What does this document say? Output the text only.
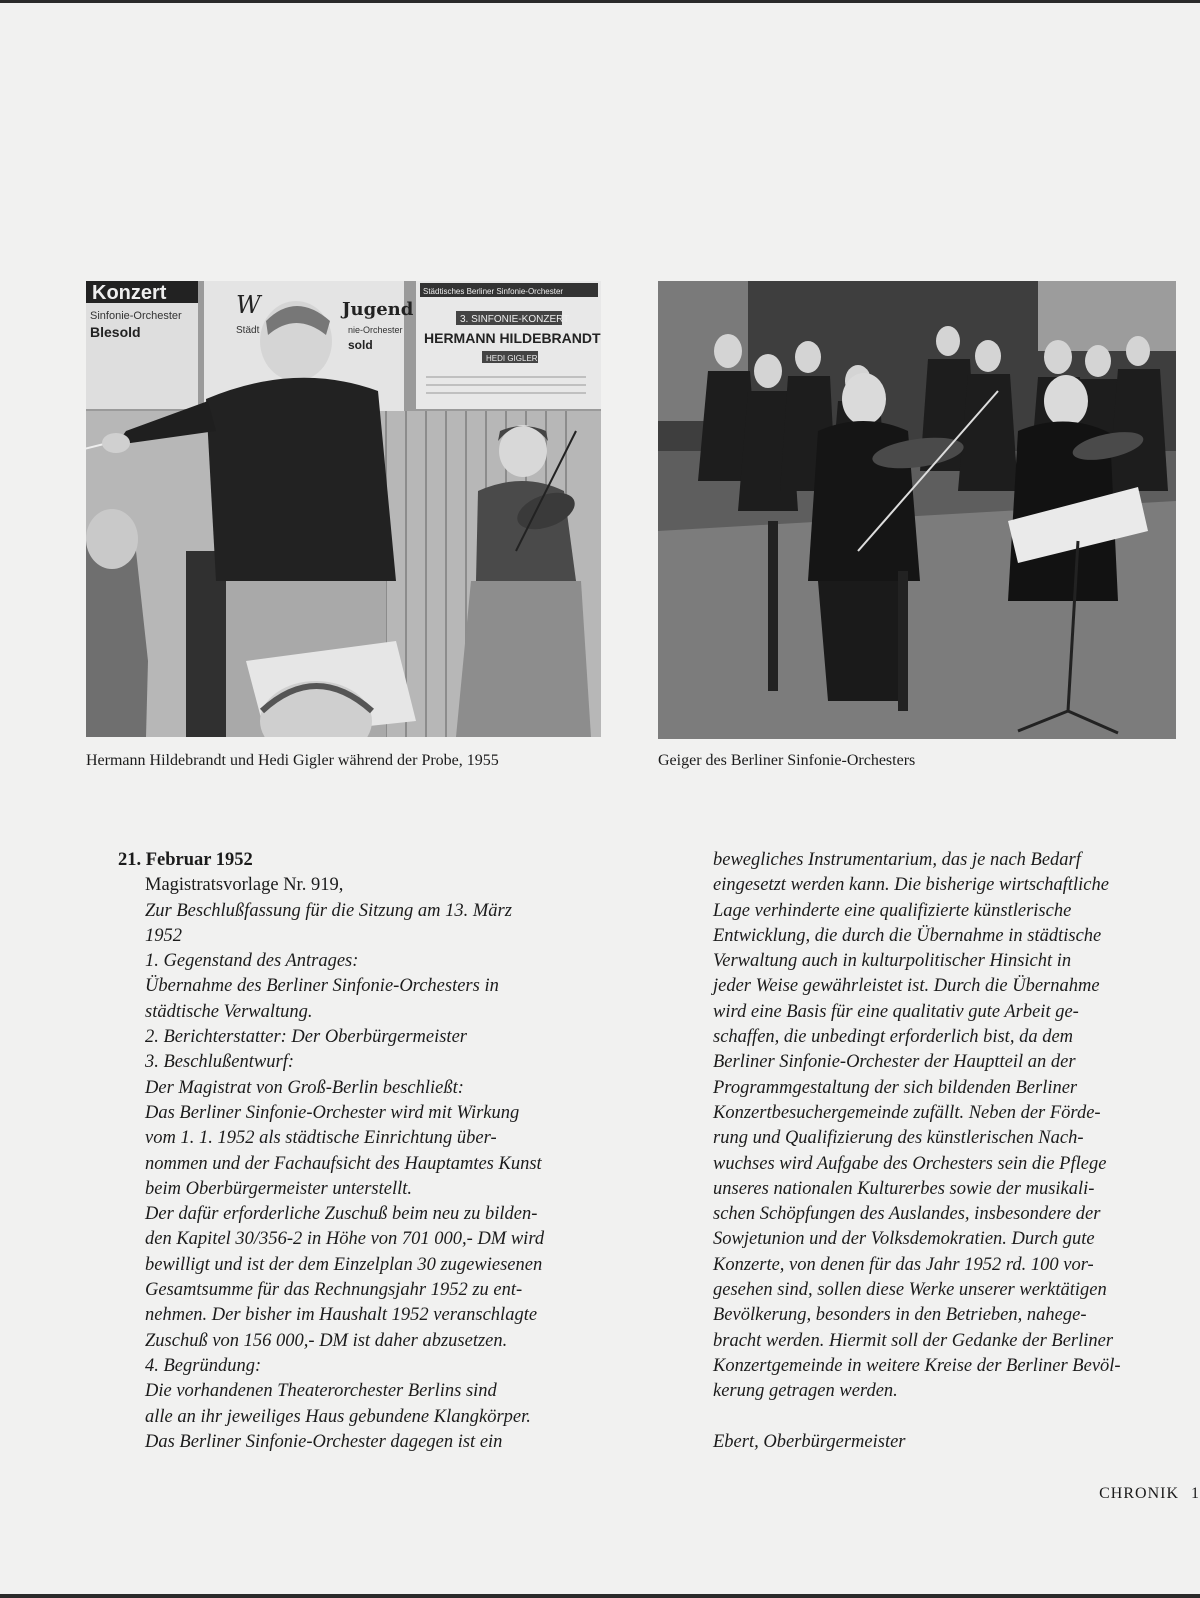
Konzert
Sinfonie-Orchester
Blesold
W	Jugend
Städt	nie-Orchester
sold
Städtisches Berliner Sinfonie-Orchester
3. SINFONIE-KONZERT
HERMANN HILDEBRANDT
HEDI GIGLER
Hermann Hildebrandt und Hedi Gigler während der Probe, 1955	Geiger des Berliner Sinfonie-Orchesters
21. Februar 1952
Magistratsvorlage Nr. 919,
Zur Beschlußfassung für die Sitzung am 13. März
1952
1. Gegenstand des Antrages:
Übernahme des Berliner Sinfonie-Orchesters in
städtische Verwaltung.
2. Berichterstatter: Der Oberbürgermeister
3. Beschlußentwurf:
Der Magistrat von Groß-Berlin beschließt:
Das Berliner Sinfonie-Orchester wird mit Wirkung
vom 1. 1. 1952 als städtische Einrichtung über-
nommen und der Fachaufsicht des Hauptamtes Kunst
beim Oberbürgermeister unterstellt.
Der dafür erforderliche Zuschuß beim neu zu bilden-
den Kapitel 30/356-2 in Höhe von 701 000,- DM wird
bewilligt und ist der dem Einzelplan 30 zugewiesenen
Gesamtsumme für das Rechnungsjahr 1952 zu ent-
nehmen. Der bisher im Haushalt 1952 veranschlagte
Zuschuß von 156 000,- DM ist daher abzusetzen.
4. Begründung:
Die vorhandenen Theaterorchester Berlins sind
alle an ihr jeweiliges Haus gebundene Klangkörper.
Das Berliner Sinfonie-Orchester dagegen ist ein
bewegliches Instrumentarium, das je nach Bedarf
eingesetzt werden kann. Die bisherige wirtschaftliche
Lage verhinderte eine qualifizierte künstlerische
Entwicklung, die durch die Übernahme in städtische
Verwaltung auch in kulturpolitischer Hinsicht in
jeder Weise gewährleistet ist. Durch die Übernahme
wird eine Basis für eine qualitativ gute Arbeit ge-
schaffen, die unbedingt erforderlich bist, da dem
Berliner Sinfonie-Orchester der Hauptteil an der
Programmgestaltung der sich bildenden Berliner
Konzertbesuchergemeinde zufällt. Neben der Förde-
rung und Qualifizierung des künstlerischen Nach-
wuchses wird Aufgabe des Orchesters sein die Pflege
unseres nationalen Kulturerbes sowie der musikali-
schen Schöpfungen des Auslandes, insbesondere der
Sowjetunion und der Volksdemokratien. Durch gute
Konzerte, von denen für das Jahr 1952 rd. 100 vor-
gesehen sind, sollen diese Werke unserer werktätigen
Bevölkerung, besonders in den Betrieben, nahege-
bracht werden. Hiermit soll der Gedanke der Berliner
Konzertgemeinde in weitere Kreise der Berliner Bevöl-
kerung getragen werden.
Ebert, Oberbürgermeister
CHRONIK 1
